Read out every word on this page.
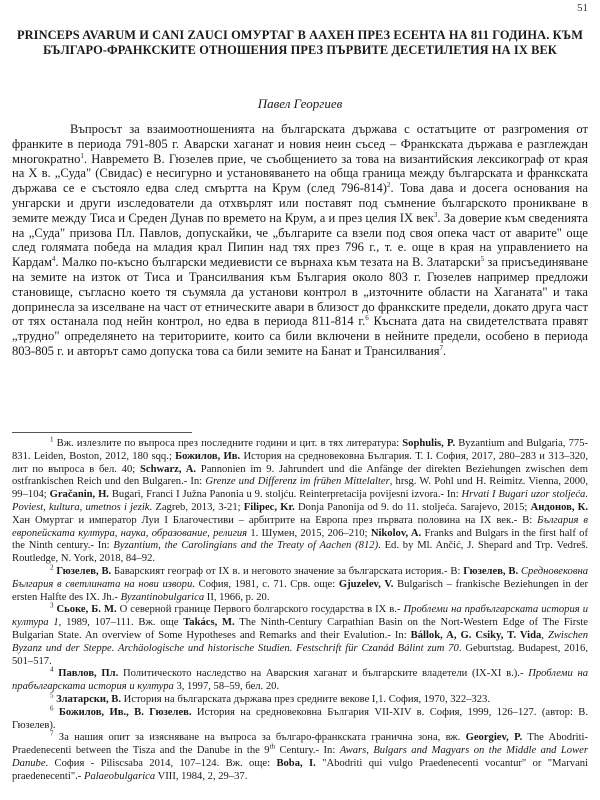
51
PRINCEPS AVARUM И CANI ZAUCI ОМУРТАГ В ААХЕН ПРЕЗ ЕСЕНТА НА 811 ГОДИНА. КЪМ БЪЛГАРО-ФРАНКСКИТЕ ОТНОШЕНИЯ ПРЕЗ ПЪРВИТЕ ДЕСЕТИЛЕТИЯ НА IX ВЕК
Павел Георгиев
Въпросът за взаимоотношенията на българската държава с остатъците от разгромения от франките в периода 791-805 г. Аварски хаганат и новия неин съсед – Франкската държава е разглеждан многократно$^1$. Навремето В. Гюзелев прие, че съобщението за това на византийския лексикограф от края на X в. „Суда" (Свидас) е несигурно и установяването на обща граница между българската и франкската държава се е състояло едва след смъртта на Крум (след 796-814)$^2$. Това дава и досега основания на унгарски и други изследователи да отхвърлят или поставят под съмнение българското проникване в земите между Тиса и Среден Дунав по времето на Крум, а и през целия IX век$^3$. За доверие към сведенията на „Суда" призова Пл. Павлов, допускайки, че „българите са взели под своя опека част от аварите" още след голямата победа на младия крал Пипин над тях през 796 г., т. е. още в края на управлението на Кардам$^4$. Малко по-късно български медиевисти се върнаха към тезата на В. Златарски$^5$ за присъединяване на земите на изток от Тиса и Трансилвания към България около 803 г. Гюзелев например предложи становище, съгласно което тя съумяла да установи контрол в „източните области на Хаганата" и така допринесла за изселване на част от етническите авари в близост до франкските предели, докато друга част от тях останала под нейн контрол, но едва в периода 811-814 г.$^6$ Късната дата на свидетелствата правят „трудно" определянето на териториите, които са били включени в нейните предели, особено в периода 803-805 г. и авторът само допуска това са били земите на Банат и Трансилвания$^7$.

$^1$ Вж. излезлите по въпроса през последните години и цит. в тях литература: Sophulis, P. Byzantium and Bulgaria, 775-831. Leiden, Boston, 2012, 180 sqq.; Божилов, Ив. История на средновековна България. Т. I. София, 2017, 280–283 и 313–320, лит по въпроса в бел. 40; Schwarz, A. Pannonien im 9. Jahrundert und die Anfänge der direkten Beziehungen zwischen dem ostfrankischen Reich und den Bulgaren.- In: Grenze und Differenz im frühen Mittelalter, hrsg. W. Pohl und H. Reimitz. Vienna, 2000, 99–104; Gračanin, H. Bugari, Franci I Južna Panonia u 9. stoljću. Reinterpretacija povijesni izvora.- In: Hrvati I Bugari uzor stoljeća. Poviest, kultura, umetnos i jezik. Zagreb, 2013, 3-21; Filipec, Kr. Donja Panonija od 9. do 11. stoljeća. Sarajevo, 2015; Андонов, К. Хан Омуртаг и император Луи I Благочестиви – арбитрите на Европа през първата половина на IX век.- В: България в европейската култура, наука, образование, религия 1. Шумен, 2015, 206–210; Nikolov, A. Franks and Bulgars in the first half of the Ninth century.- In: Byzantium, the Carolingians and the Treaty of Aachen (812). Ed. by Ml. Ančić, J. Shepard and Trp. Vedreš. Routledge, N. York, 2018, 84–92.

$^2$ Гюзелев, В. Баварският географ от IX в. и неговото значение за българската история.- В: Гюзелев, В. Средновековна България в светлината на нови извори. София, 1981, с. 71. Срв. още: Gjuzelev, V. Bulgarisch – frankische Beziehungen in der ersten Halfte des IX. Jh.- Byzantinobulgarica II, 1966, p. 20.

$^3$ Сьоке, Б. М. О северной границе Первого болгарского государства в IX в.- Проблеми на прабългарската история и култура 1, 1989, 107–111. Вж. още Takács, M. The Ninth-Century Carpathian Basin on the Nort-Western Edge of The Firste Bulgarian State. An overview of Some Hypotheses and Remarks and their Evalution.- In: Bállok, A, G. Csiky, T. Vida, Zwischen Byzanz und der Steppe. Archäologische und historische Studien. Festschrift für Czanád Bálint zum 70. Geburtstag. Budapest, 2016, 501–517.

$^4$ Павлов, Пл. Политическото наследство на Аварския хаганат и българските владетели (IX-XI в.).- Проблеми на прабългарската история и култура 3, 1997, 58–59, бел. 20.

$^5$ Златарски, В. История на българската държава през средните векове I,1. София, 1970, 322–323.

$^6$ Божилов, Ив., В. Гюзелев. История на средновековна България VII-XIV в. София, 1999, 126–127. (автор: В. Гюзелев).

$^7$ За нашия опит за изясняване на въпроса за българо-франкската гранична зона, вж. Georgiev, P. The Abodriti-Praedenecenti between the Tisza and the Danube in the 9th Century.- In: Awars, Bulgars and Magyars on the Middle and Lower Danube. София - Piliscsaba 2014, 107–124. Вж. още: Boba, I. "Abodriti qui vulgo Praedenecenti vocantur" or "Marvani praedenecenti".- Palaeobulgarica VIII, 1984, 2, 29–37.
